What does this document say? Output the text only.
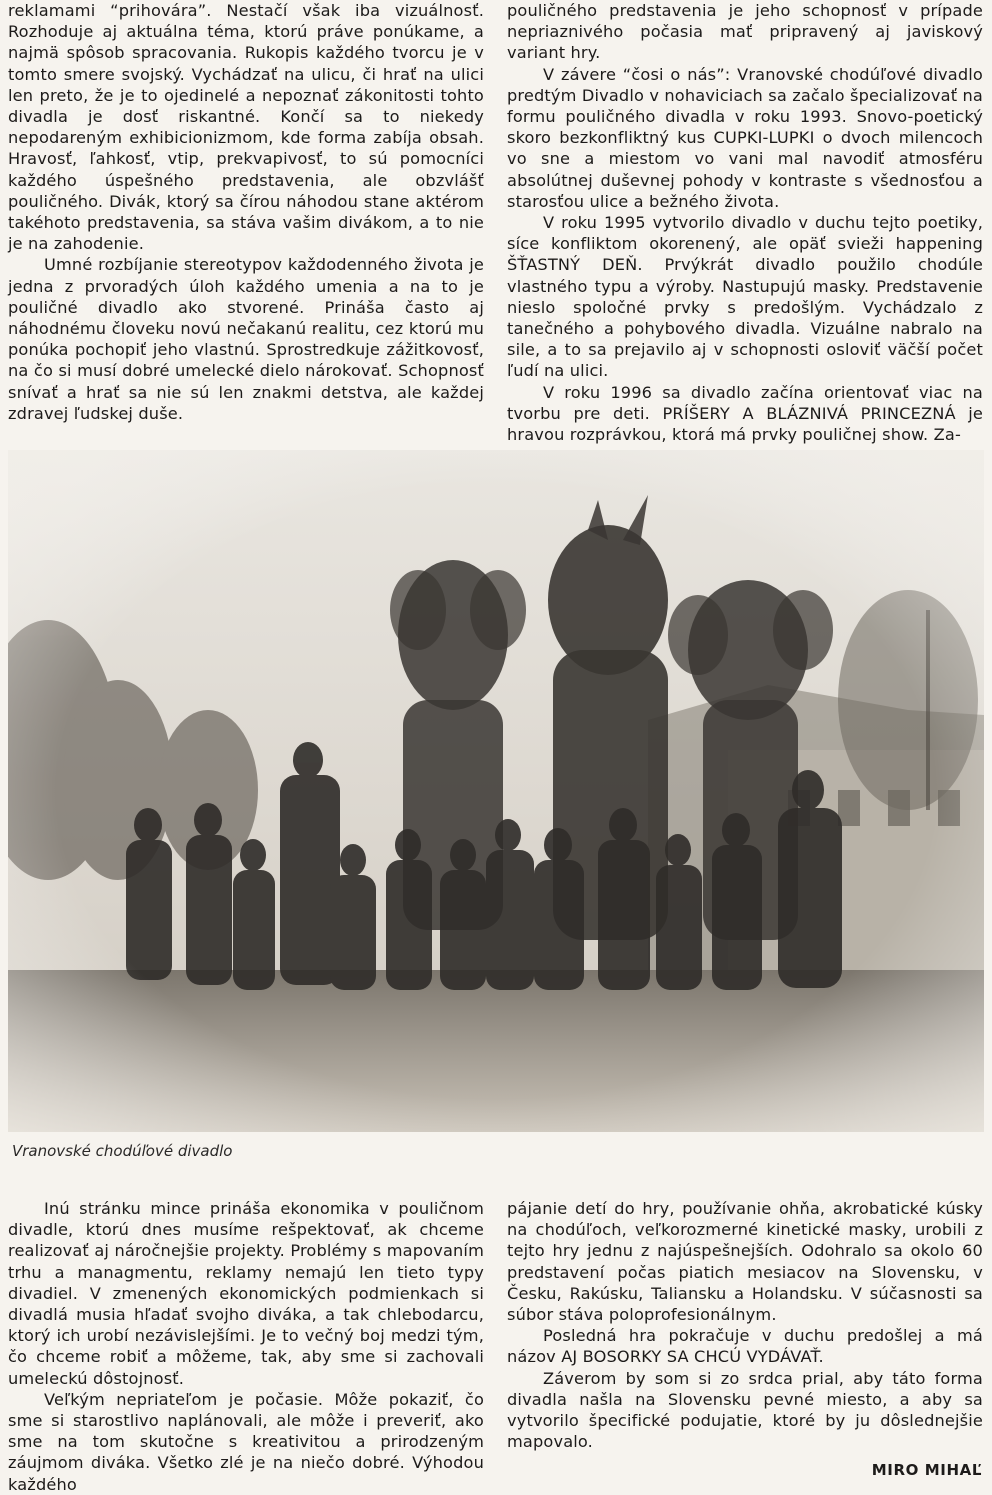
reklamami “prihovára”. Nestačí však iba vizuálnosť. Rozhoduje aj aktuálna téma, ktorú práve ponúkame, a najmä spôsob spracovania. Rukopis každého tvorcu je v tomto smere svojský. Vychádzať na ulicu, či hrať na ulici len preto, že je to ojedinelé a nepoznať zákonitosti tohto divadla je dosť riskantné. Končí sa to niekedy nepodareným exhibicionizmom, kde forma zabíja obsah. Hravosť, ľahkosť, vtip, prekvapivosť, to sú pomocníci každého úspešného predstavenia, ale obzvlášť pouličného. Divák, ktorý sa čírou náhodou stane aktérom takéhoto predstavenia, sa stáva vašim divákom, a to nie je na zahodenie.

Umné rozbíjanie stereotypov každodenného života je jedna z prvoradých úloh každého umenia a na to je pouličné divadlo ako stvorené. Prináša často aj náhodnému človeku novú nečakanú realitu, cez ktorú mu ponúka pochopiť jeho vlastnú. Sprostredkuje zážitkovosť, na čo si musí dobré umelecké dielo nárokovať. Schopnosť snívať a hrať sa nie sú len znakmi detstva, ale každej zdravej ľudskej duše.

pouličného predstavenia je jeho schopnosť v prípade nepriaznivého počasia mať pripravený aj javiskový variant hry.

V závere “čosi o nás”: Vranovské chodúľové divadlo predtým Divadlo v nohaviciach sa začalo špecializovať na formu pouličného divadla v roku 1993. Snovo-poetický skoro bezkonfliktný kus CUPKI-LUPKI o dvoch milencoch vo sne a miestom vo vani mal navodiť atmosféru absolútnej duševnej pohody v kontraste s všednosťou a starosťou ulice a bežného života.

V roku 1995 vytvorilo divadlo v duchu tejto poetiky, síce konfliktom okorenený, ale opäť svieži happening ŠŤASTNÝ DEŇ. Prvýkrát divadlo použilo chodúle vlastného typu a výroby. Nastupujú masky. Predstavenie nieslo spoločné prvky s predošlým. Vychádzalo z tanečného a pohybového divadla. Vizuálne nabralo na sile, a to sa prejavilo aj v schopnosti osloviť väčší počet ľudí na ulici.

V roku 1996 sa divadlo začína orientovať viac na tvorbu pre deti. PRÍŠERY A BLÁZNIVÁ PRINCEZNÁ je hravou rozprávkou, ktorá má prvky pouličnej show. Za-

Vranovské chodúľové divadlo

Inú stránku mince prináša ekonomika v pouličnom divadle, ktorú dnes musíme rešpektovať, ak chceme realizovať aj náročnejšie projekty. Problémy s mapovaním trhu a managmentu, reklamy nemajú len tieto typy divadiel. V zmenených ekonomických podmienkach si divadlá musia hľadať svojho diváka, a tak chlebodarcu, ktorý ich urobí nezávislejšími. Je to večný boj medzi tým, čo chceme robiť a môžeme, tak, aby sme si zachovali umeleckú dôstojnosť.

Veľkým nepriateľom je počasie. Môže pokaziť, čo sme si starostlivo naplánovali, ale môže i preveriť, ako sme na tom skutočne s kreativitou a prirodzeným záujmom diváka. Všetko zlé je na niečo dobré. Výhodou každého

pájanie detí do hry, používanie ohňa, akrobatické kúsky na chodúľoch, veľkorozmerné kinetické masky, urobili z tejto hry jednu z najúspešnejších. Odohralo sa okolo 60 predstavení počas piatich mesiacov na Slovensku, v Česku, Rakúsku, Taliansku a Holandsku. V súčasnosti sa súbor stáva poloprofesionálnym.

Posledná hra pokračuje v duchu predošlej a má názov AJ BOSORKY SA CHCÚ VYDÁVAŤ.

Záverom by som si zo srdca prial, aby táto forma divadla našla na Slovensku pevné miesto, a aby sa vytvorilo špecifické podujatie, ktoré by ju dôslednejšie mapovalo.

MIRO MIHAĽ
